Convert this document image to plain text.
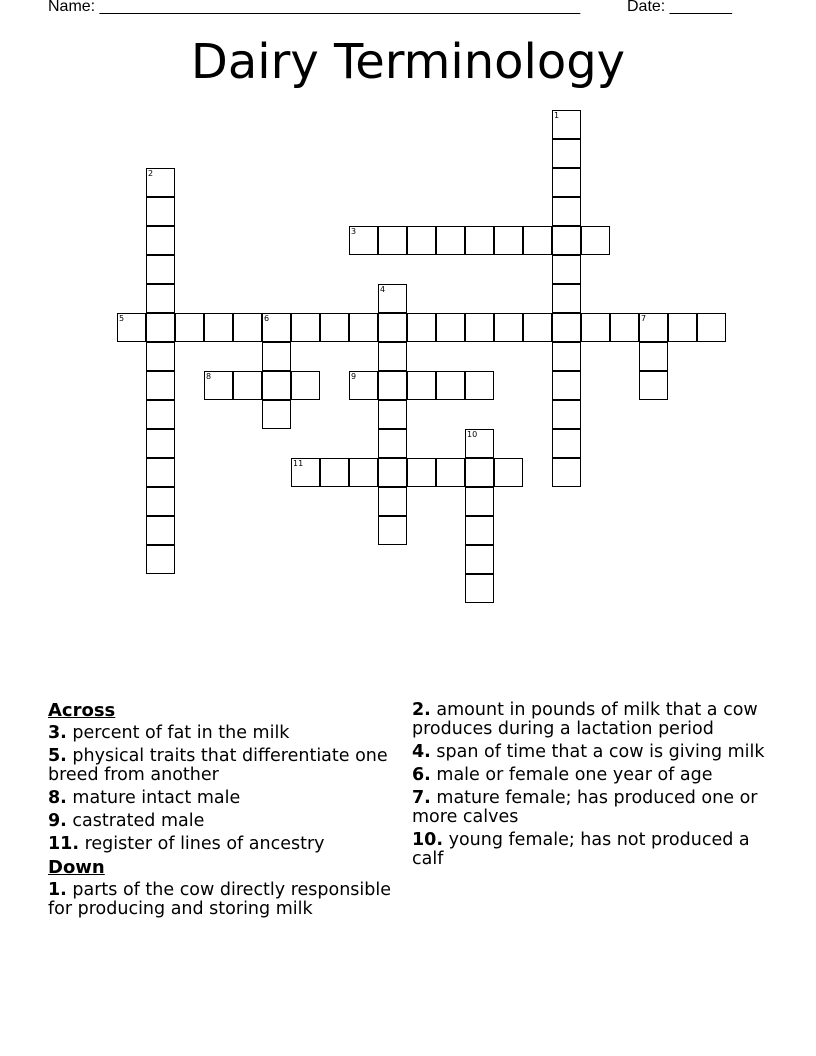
Name: ______________________________________________________	Date: _______
Dairy Terminology
1
2
3
4
5	6	7
8	9
10
11
Across
3. percent of fat in the milk
5. physical traits that differentiate one breed from another
8. mature intact male
9. castrated male
11. register of lines of ancestry
Down
1. parts of the cow directly responsible for producing and storing milk
2. amount in pounds of milk that a cow produces during a lactation period
4. span of time that a cow is giving milk
6. male or female one year of age
7. mature female; has produced one or more calves
10. young female; has not produced a calf
